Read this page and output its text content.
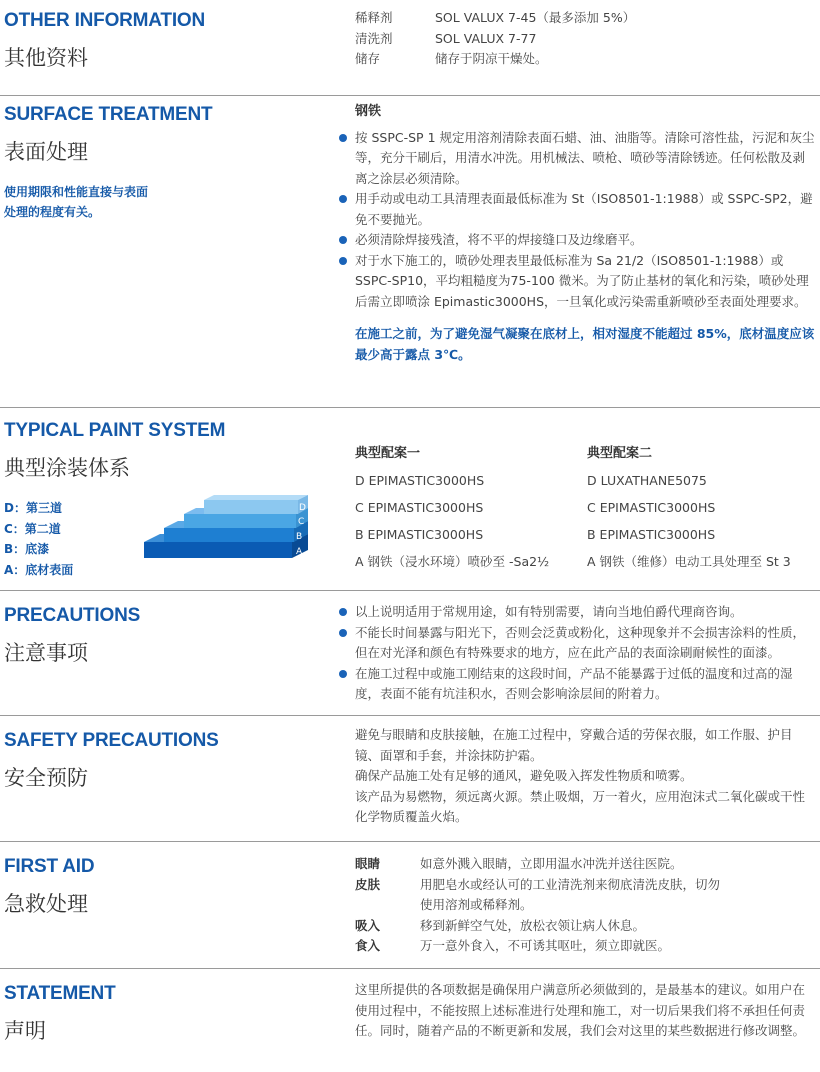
OTHER INFORMATION
其他资料
稀释剂	SOL VALUX 7-45（最多添加 5%）
清洗剂	SOL VALUX 7-77
储存	储存于阴凉干燥处。
SURFACE TREATMENT
表面处理
使用期限和性能直接与表面处理的程度有关。
钢铁
按 SSPC-SP 1 规定用溶剂清除表面石蜡、油、油脂等。清除可溶性盐，污泥和灰尘等，充分干刷后，用清水冲洗。用机械法、喷枪、喷砂等清除锈迹。任何松散及剥离之涂层必须清除。
用手动或电动工具清理表面最低标准为 St（ISO8501-1:1988）或 SSPC-SP2，避免不要抛光。
必须清除焊接残渣，将不平的焊接缝口及边缘磨平。
对于水下施工的，喷砂处理表里最低标准为 Sa 21/2（ISO8501-1:1988）或 SSPC-SP10，平均粗糙度为75-100 微米。为了防止基材的氧化和污染，喷砂处理后需立即喷涂 Epimastic3000HS，一旦氧化或污染需重新喷砂至表面处理要求。
在施工之前，为了避免湿气凝聚在底材上，相对湿度不能超过 85%，底材温度应该最少高于露点 3℃。
TYPICAL PAINT SYSTEM
典型涂装体系
D：第三道
C：第二道
B：底漆
A：底材表面
A
B
C
D
典型配案一
D EPIMASTIC3000HS
C EPIMASTIC3000HS
B EPIMASTIC3000HS
A 钢铁（浸水环境）喷砂至 -Sa2½
典型配案二
D LUXATHANE5075
C EPIMASTIC3000HS
B EPIMASTIC3000HS
A 钢铁（维修）电动工具处理至 St 3
PRECAUTIONS
注意事项
以上说明适用于常规用途，如有特别需要，请向当地伯爵代理商咨询。
不能长时间暴露与阳光下，否则会泛黄或粉化，这种现象并不会损害涂料的性质，但在对光泽和颜色有特殊要求的地方，应在此产品的表面涂刷耐候性的面漆。
在施工过程中或施工刚结束的这段时间，产品不能暴露于过低的温度和过高的湿度，表面不能有坑洼积水，否则会影响涂层间的附着力。
SAFETY PRECAUTIONS
安全预防
避免与眼睛和皮肤接触，在施工过程中，穿戴合适的劳保衣服，如工作服、护目镜、面罩和手套，并涂抹防护霜。
确保产品施工处有足够的通风，避免吸入挥发性物质和喷雾。
该产品为易燃物，须远离火源。禁止吸烟，万一着火，应用泡沫式二氧化碳或干性化学物质覆盖火焰。
FIRST AID
急救处理
眼睛	如意外溅入眼睛，立即用温水冲洗并送往医院。
皮肤	用肥皂水或经认可的工业清洗剂来彻底清洗皮肤，切勿使用溶剂或稀释剂。
吸入	移到新鲜空气处，放松衣领让病人休息。
食入	万一意外食入，不可诱其呕吐，须立即就医。
STATEMENT
声明
这里所提供的各项数据是确保用户满意所必须做到的，是最基本的建议。如用户在使用过程中，不能按照上述标准进行处理和施工，对一切后果我们将不承担任何责任。同时，随着产品的不断更新和发展，我们会对这里的某些数据进行修改调整。
